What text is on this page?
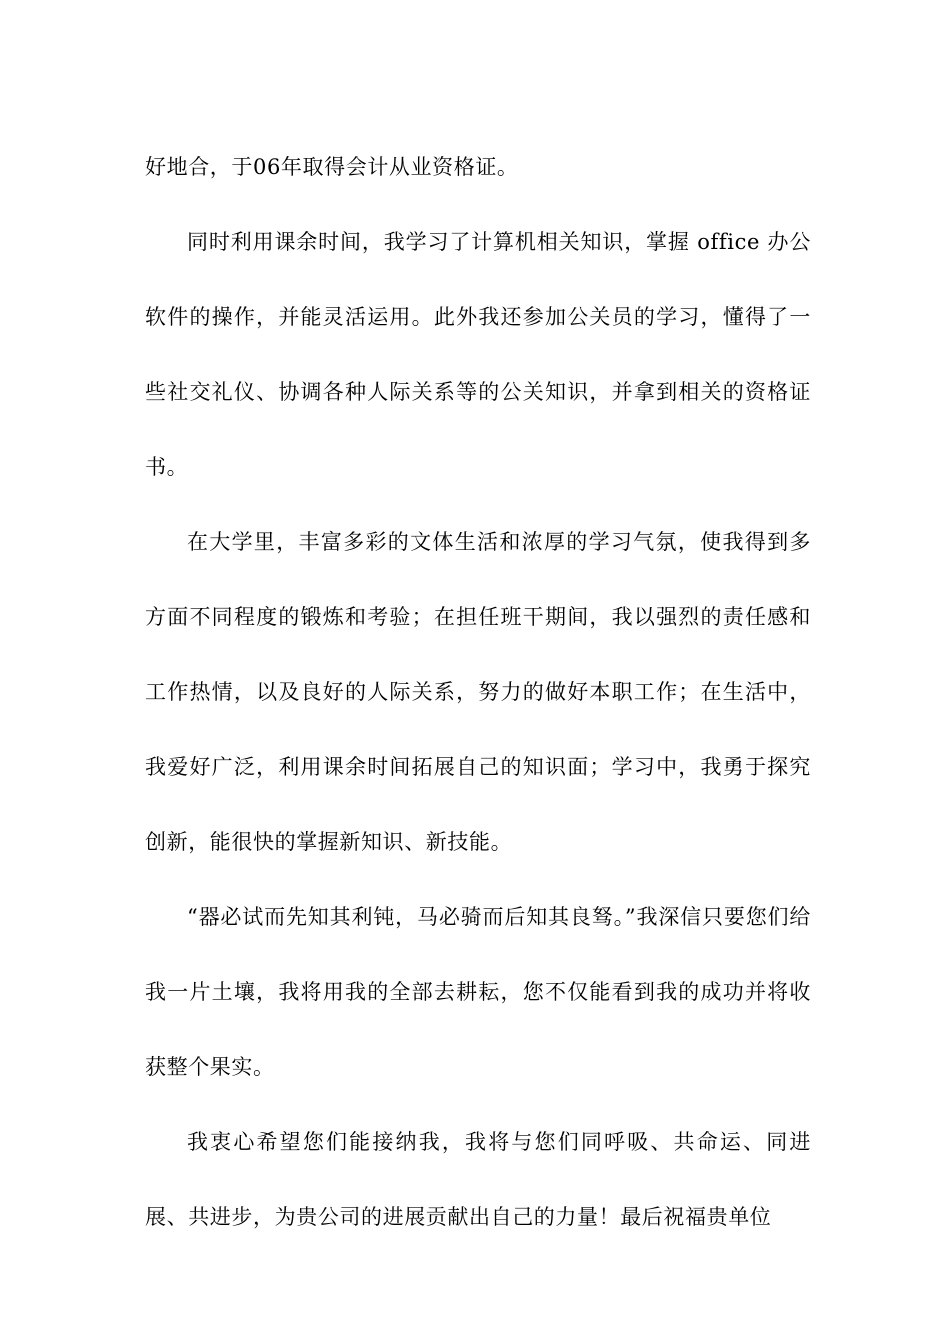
好地合，于06年取得会计从业资格证。

同时利用课余时间，我学习了计算机相关知识，掌握 office 办公软件的操作，并能灵活运用。此外我还参加公关员的学习，懂得了一些社交礼仪、协调各种人际关系等的公关知识，并拿到相关的资格证书。

在大学里，丰富多彩的文体生活和浓厚的学习气氛，使我得到多方面不同程度的锻炼和考验；在担任班干期间，我以强烈的责任感和工作热情，以及良好的人际关系，努力的做好本职工作；在生活中，我爱好广泛，利用课余时间拓展自己的知识面；学习中，我勇于探究创新，能很快的掌握新知识、新技能。

“器必试而先知其利钝，马必骑而后知其良驽。”我深信只要您们给我一片土壤，我将用我的全部去耕耘，您不仅能看到我的成功并将收获整个果实。

我衷心希望您们能接纳我，我将与您们同呼吸、共命运、同进展、共进步，为贵公司的进展贡献出自己的力量！最后祝福贵单位
